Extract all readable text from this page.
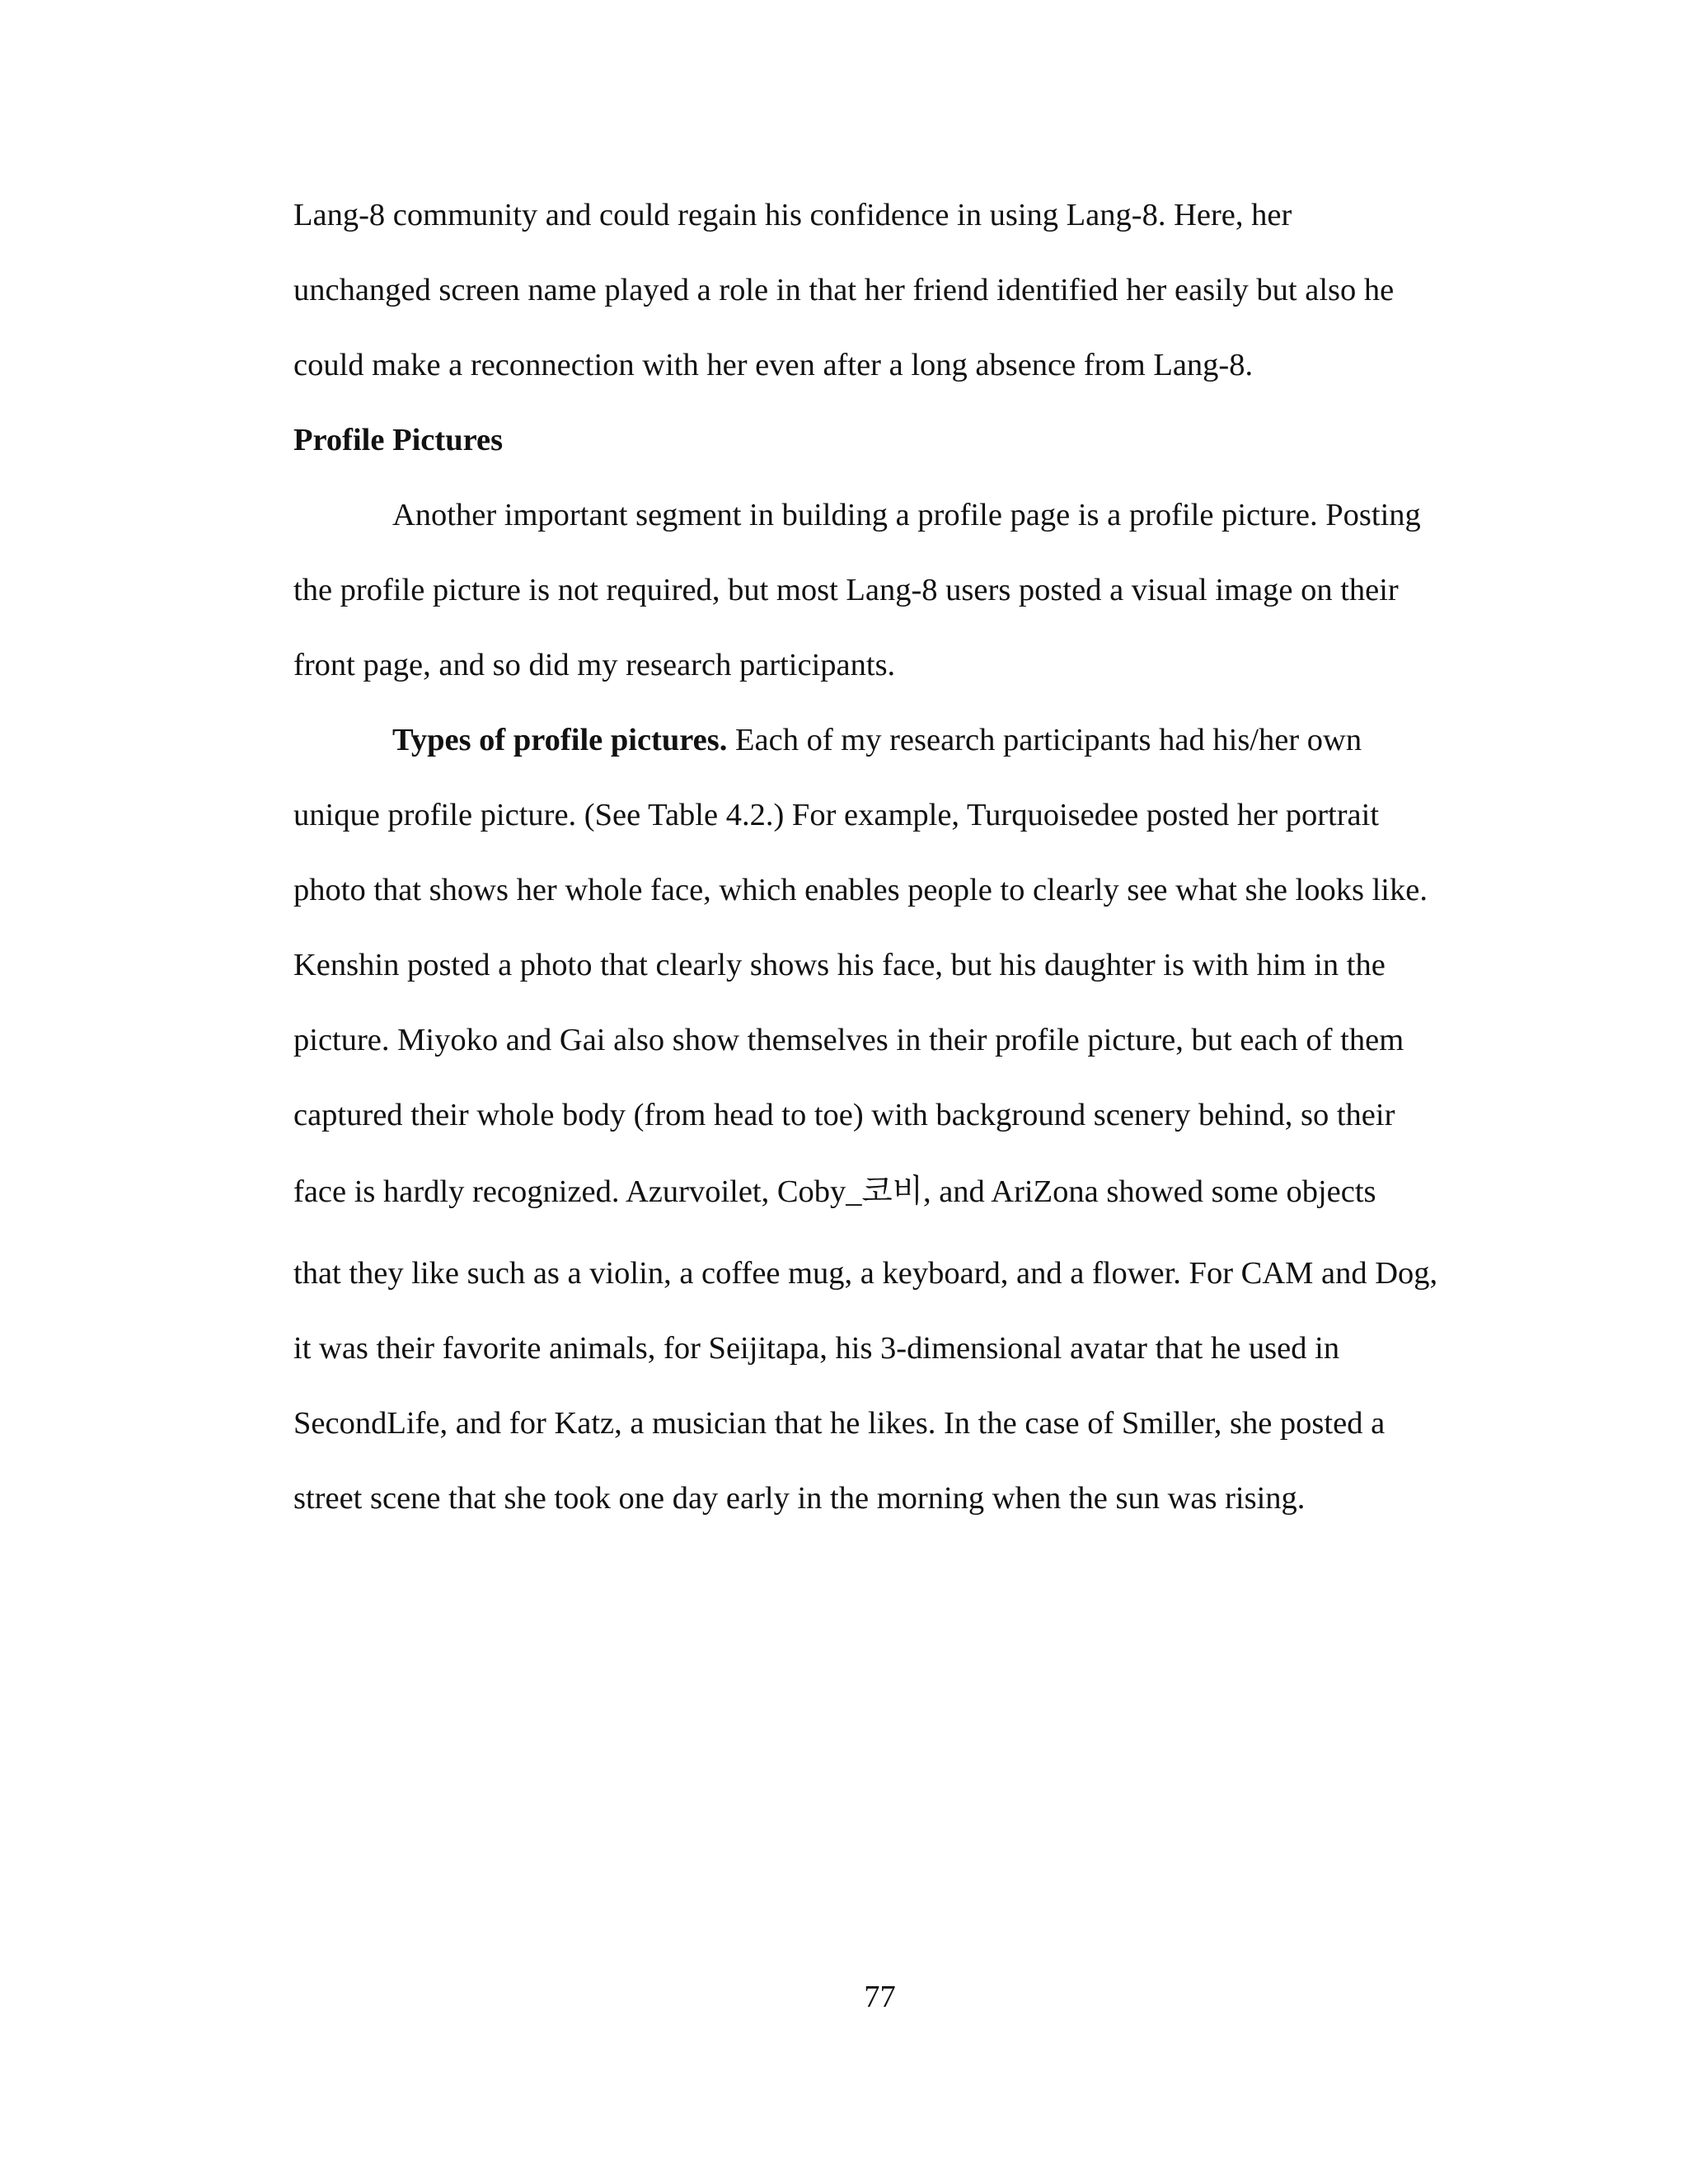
Lang-8 community and could regain his confidence in using Lang-8. Here, her

unchanged screen name played a role in that her friend identified her easily but also he

could make a reconnection with her even after a long absence from Lang-8.

Profile Pictures

Another important segment in building a profile page is a profile picture. Posting

the profile picture is not required, but most Lang-8 users posted a visual image on their

front page, and so did my research participants.

Types of profile pictures. Each of my research participants had his/her own

unique profile picture. (See Table 4.2.) For example, Turquoisedee posted her portrait

photo that shows her whole face, which enables people to clearly see what she looks like.

Kenshin posted a photo that clearly shows his face, but his daughter is with him in the

picture. Miyoko and Gai also show themselves in their profile picture, but each of them

captured their whole body (from head to toe) with background scenery behind, so their

face is hardly recognized. Azurvoilet, Coby_코비, and AriZona showed some objects

that they like such as a violin, a coffee mug, a keyboard, and a flower. For CAM and Dog,

it was their favorite animals, for Seijitapa, his 3-dimensional avatar that he used in

SecondLife, and for Katz, a musician that he likes. In the case of Smiller, she posted a

street scene that she took one day early in the morning when the sun was rising.

77
